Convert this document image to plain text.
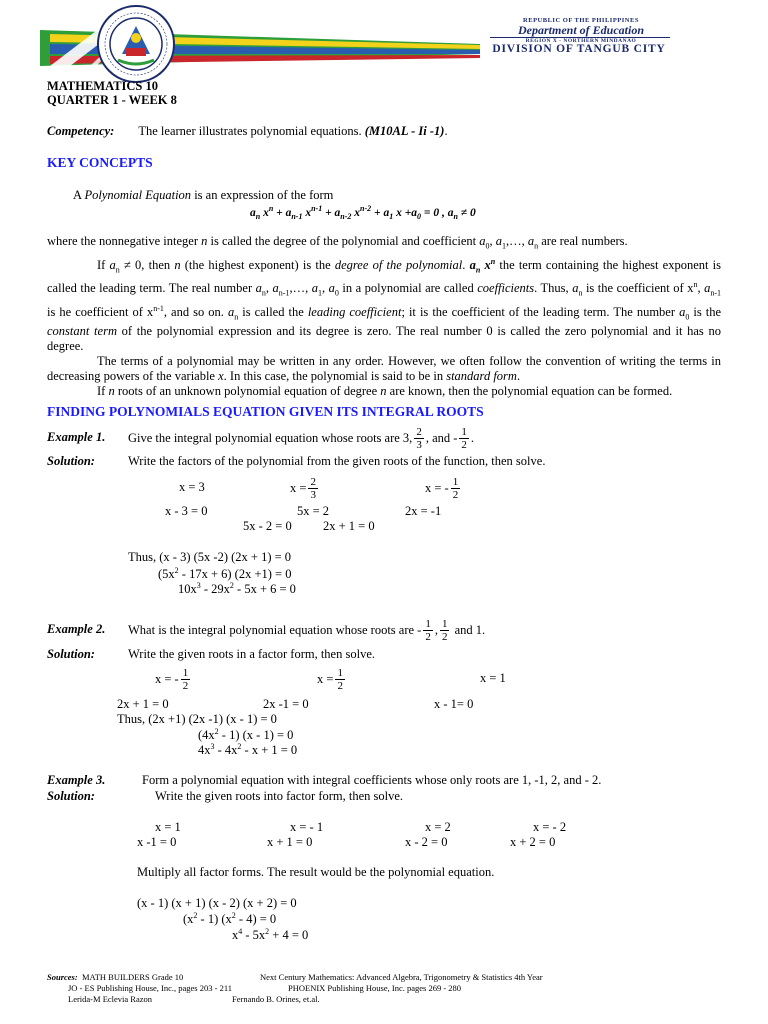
REPUBLIC OF THE PHILIPPINES
Department of Education
REGION X - NORTHERN MINDANAO
DIVISION OF TANGUB CITY
MATHEMATICS 10
QUARTER 1 - WEEK 8
Competency: The learner illustrates polynomial equations. (M10AL - Ii -1).
KEY CONCEPTS
A Polynomial Equation is an expression of the form
$a_n$ $x^n + a_{n-1}$ $x^{n-1} + a_{n-2}$ $x^{n-2} + a_1$ $x +a_0 = 0$ , $a_n \ne 0$
where the nonnegative integer n is called the degree of the polynomial and coefficient $a_0$, $a_1,\dots$, $a_n$ are real numbers.
If $a_n \ne 0$, then n (the highest exponent) is the degree of the polynomial. $a_n$ $x^n$ the term containing the highest exponent is called the leading term. The real number $a_n$, $a_{n-1},\dots$, $a_1$, $a_0$ in a polynomial are called coefficients. Thus, $a_n$ is the coefficient of $x^n$, $a_{n-1}$ is he coefficient of $x^{n-1}$, and so on. $a_n$ is called the leading coefficient; it is the coefficient of the leading term. The number $a_0$ is the constant term of the polynomial expression and its degree is zero. The real number 0 is called the zero polynomial and it has no degree.
The terms of a polynomial may be written in any order. However, we often follow the convention of writing the terms in decreasing powers of the variable x. In this case, the polynomial is said to be in standard form.
If n roots of an unknown polynomial equation of degree n are known, then the polynomial equation can be formed.
FINDING POLYNOMIALS EQUATION GIVEN ITS INTEGRAL ROOTS
Example 1. Give the integral polynomial equation whose roots are 3, $\frac{2}{3}$ , and - $\frac{1}{2}$ .
Solution:	Write the factors of the polynomial from the given roots of the function, then solve.
x = 3	$x = \frac{2}{3}$	x = - $\frac{1}{2}$
x - 3 = 0	5x = 2	2x = -1
5x - 2 = 0	2x + 1 = 0
Thus, (x - 3) (5x -2) (2x + 1) = 0
$(5x^2 - 17x + 6)$ (2x +1) = 0
$10x^3 - 29x^2 - 5x + 6 = 0$
Example 2. What is the integral polynomial equation whose roots are - $\frac{1}{2}$ , $\frac{1}{2}$
and 1.
Solution:	Write the given roots in a factor form, then solve.
x = - $\frac{1}{2}$	$x = \frac{1}{2}$	x = 1
2x + 1 = 0	2x -1 = 0	x - 1= 0
Thus, (2x +1) (2x -1) (x - 1) = 0
$(4x^2 - 1)$ (x - 1) = 0
$4x^3 - 4x^2 - x + 1 = 0$
Example 3.	Form a polynomial equation with integral coefficients whose only roots are 1, -1, 2, and - 2.
Solution:	Write the given roots into factor form, then solve.
x = 1	x = - 1	x = 2	x = - 2
x -1 = 0	x + 1 = 0	x - 2 = 0	x + 2 = 0
Multiply all factor forms. The result would be the polynomial equation.
(x - 1) (x + 1) (x - 2) (x + 2) = 0
$(x^2 - 1)$ $(x^2 - 4) = 0$
$x^4 - 5x^2 + 4 = 0$
Sources: MATH BUILDERS Grade 10
JO - ES Publishing House, Inc., pages 203 - 211
Lerida-M Eclevia Razon
Next Century Mathematics: Advanced Algebra, Trigonometry & Statistics 4th Year
PHOENIX Publishing House, Inc. pages 269 - 280
Fernando B. Orines, et.al.
